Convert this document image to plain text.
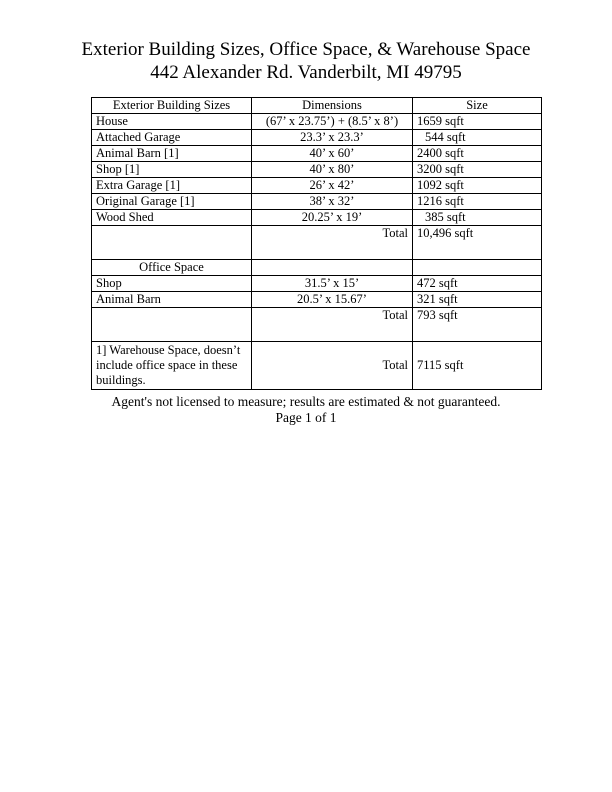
Exterior Building Sizes, Office Space, & Warehouse Space
442 Alexander Rd. Vanderbilt, MI 49795
Exterior Building Sizes	Dimensions	Size
House	(67’ x 23.75’) + (8.5’ x 8’)	1659 sqft
Attached Garage	23.3’ x 23.3’	544 sqft
Animal Barn [1]	40’ x 60’	2400 sqft
Shop [1]	40’ x 80’	3200 sqft
Extra Garage [1]	26’ x 42’	1092 sqft
Original Garage [1]	38’ x 32’	1216 sqft
Wood Shed	20.25’ x 19’	385 sqft
	Total	10,496 sqft
Office Space		
Shop	31.5’ x 15’	472 sqft
Animal Barn	20.5’ x 15.67’	321 sqft
	Total	793 sqft
1] Warehouse Space, doesn’t include office space in these buildings.	Total	7115 sqft
Agent's not licensed to measure; results are estimated & not guaranteed.
Page 1 of 1
